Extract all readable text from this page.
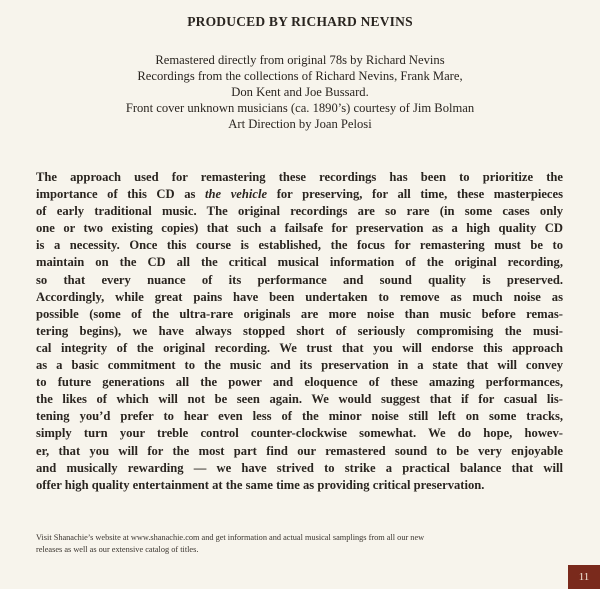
PRODUCED BY RICHARD NEVINS
Remastered directly from original 78s by Richard Nevins
Recordings from the collections of Richard Nevins, Frank Mare,
Don Kent and Joe Bussard.
Front cover unknown musicians (ca. 1890’s) courtesy of Jim Bolman
Art Direction by Joan Pelosi
The approach used for remastering these recordings has been to prioritize the
importance of this CD as the vehicle for preserving, for all time, these masterpieces
of early traditional music. The original recordings are so rare (in some cases only
one or two existing copies) that such a failsafe for preservation as a high quality CD
is a necessity. Once this course is established, the focus for remastering must be to
maintain on the CD all the critical musical information of the original recording,
so that every nuance of its performance and sound quality is preserved.
Accordingly, while great pains have been undertaken to remove as much noise as
possible (some of the ultra-rare originals are more noise than music before remas-
tering begins), we have always stopped short of seriously compromising the musi-
cal integrity of the original recording. We trust that you will endorse this approach
as a basic commitment to the music and its preservation in a state that will convey
to future generations all the power and eloquence of these amazing performances,
the likes of which will not be seen again. We would suggest that if for casual lis-
tening you’d prefer to hear even less of the minor noise still left on some tracks,
simply turn your treble control counter-clockwise somewhat. We do hope, howev-
er, that you will for the most part find our remastered sound to be very enjoyable
and musically rewarding — we have strived to strike a practical balance that will
offer high quality entertainment at the same time as providing critical preservation.
Visit Shanachie’s website at www.shanachie.com and get information and actual musical samplings from all our new
releases as well as our extensive catalog of titles.
11
